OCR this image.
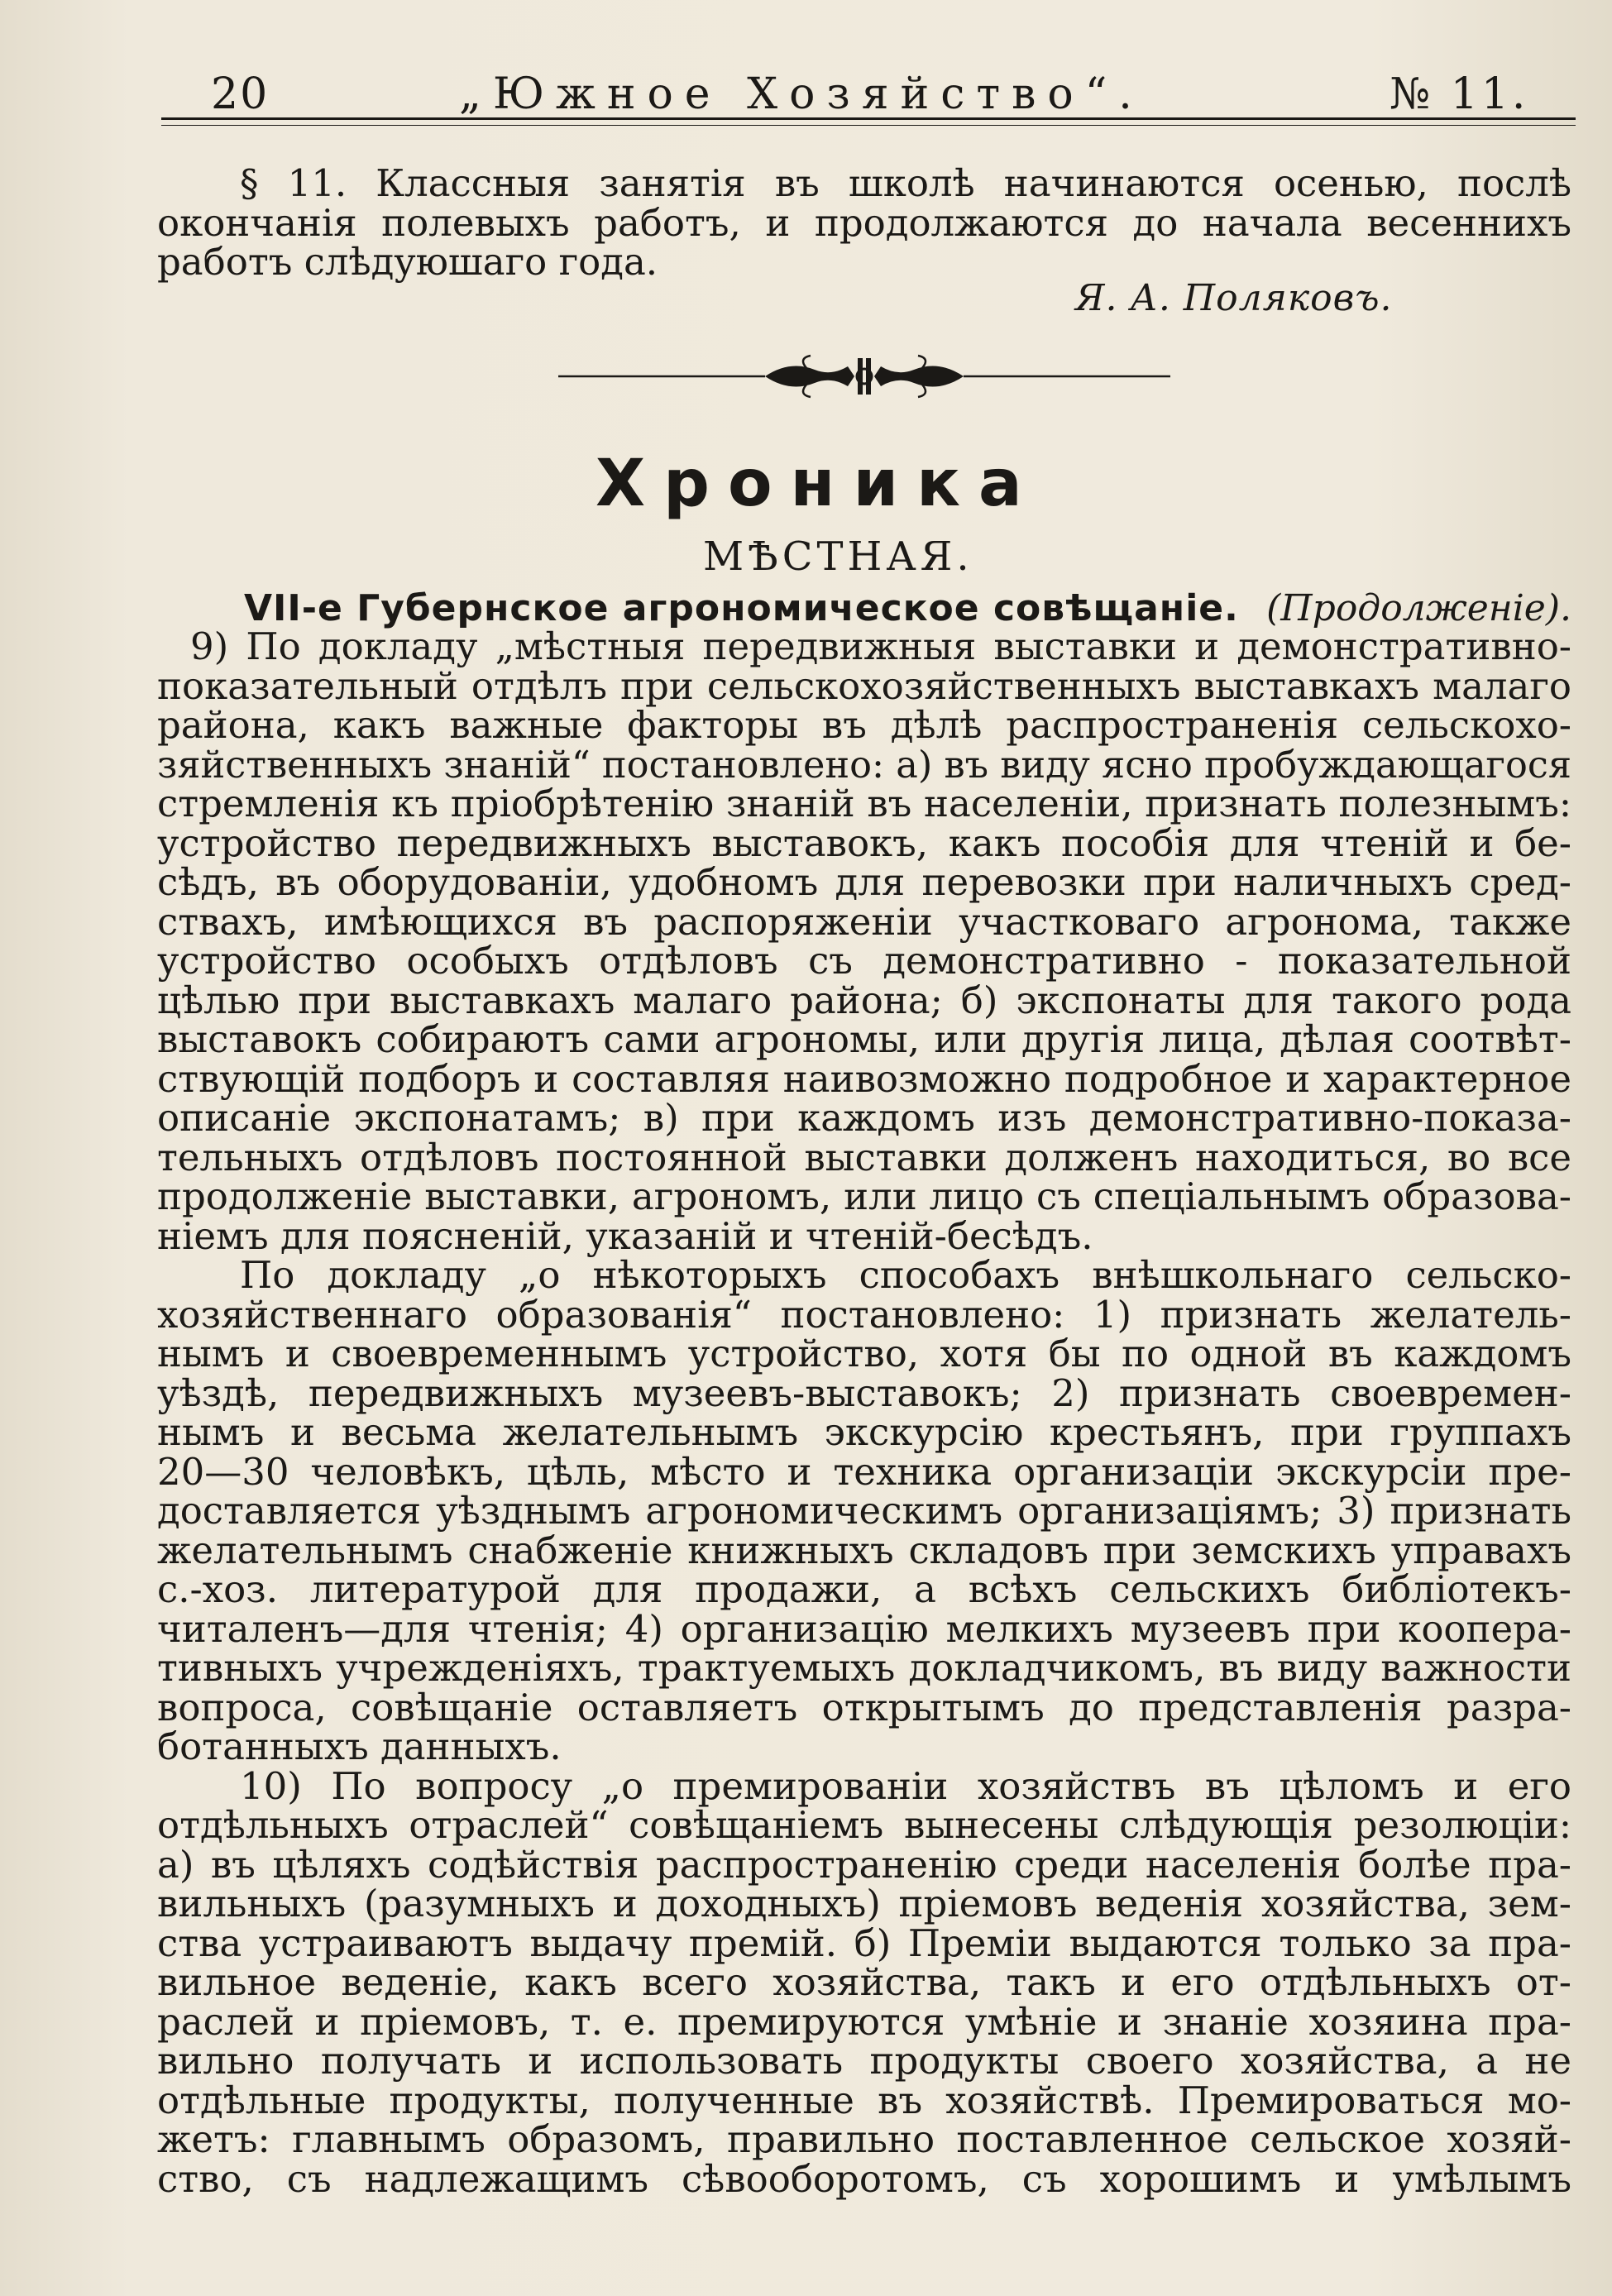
20	„Южное Хозяйство“.	№ 11.
§ 11. Классныя занятія въ школѣ начинаются осенью, послѣ
окончанія полевыхъ работъ, и продолжаются до начала весеннихъ
работъ слѣдуюшаго года.
Я. А. Поляковъ.
Хроника
МѢСТНАЯ.
VII-е Губернское агрономическое совѣщаніе. (Продолженіе).
9) По докладу „мѣстныя передвижныя выставки и демонстративно-
показательный отдѣлъ при сельскохозяйственныхъ выставкахъ малаго
района, какъ важные факторы въ дѣлѣ распространенія сельскохо-
зяйственныхъ знаній“ постановлено: а) въ виду ясно пробуждающагося
стремленія къ пріобрѣтенію знаній въ населеніи, признать полезнымъ:
устройство передвижныхъ выставокъ, какъ пособія для чтеній и бе-
сѣдъ, въ оборудованіи, удобномъ для перевозки при наличныхъ сред-
ствахъ, имѣющихся въ распоряженіи участковаго агронома, также
устройство особыхъ отдѣловъ съ демонстративно - показательной
цѣлью при выставкахъ малаго района; б) экспонаты для такого рода
выставокъ собираютъ сами агрономы, или другія лица, дѣлая соотвѣт-
ствующій подборъ и составляя наивозможно подробное и характерное
описаніе экспонатамъ; в) при каждомъ изъ демонстративно-показа-
тельныхъ отдѣловъ постоянной выставки долженъ находиться, во все
продолженіе выставки, агрономъ, или лицо съ спеціальнымъ образова-
ніемъ для поясненій, указаній и чтеній-бесѣдъ.
По докладу „о нѣкоторыхъ способахъ внѣшкольнаго сельско-
хозяйственнаго образованія“ постановлено: 1) признать желатель-
нымъ и своевременнымъ устройство, хотя бы по одной въ каждомъ
уѣздѣ, передвижныхъ музеевъ-выставокъ; 2) признать своевремен-
нымъ и весьма желательнымъ экскурсію крестьянъ, при группахъ
20—30 человѣкъ, цѣль, мѣсто и техника организаціи экскурсіи пре-
доставляется уѣзднымъ агрономическимъ организаціямъ; 3) признать
желательнымъ снабженіе книжныхъ складовъ при земскихъ управахъ
с.-хоз. литературой для продажи, а всѣхъ сельскихъ библіотекъ-
читаленъ—для чтенія; 4) организацію мелкихъ музеевъ при коопера-
тивныхъ учрежденіяхъ, трактуемыхъ докладчикомъ, въ виду важности
вопроса, совѣщаніе оставляетъ открытымъ до представленія разра-
ботанныхъ данныхъ.
10) По вопросу „о премированіи хозяйствъ въ цѣломъ и его
отдѣльныхъ отраслей“ совѣщаніемъ вынесены слѣдующія резолюціи:
а) въ цѣляхъ содѣйствія распространенію среди населенія болѣе пра-
вильныхъ (разумныхъ и доходныхъ) пріемовъ веденія хозяйства, зем-
ства устраиваютъ выдачу премій. б) Преміи выдаются только за пра-
вильное веденіе, какъ всего хозяйства, такъ и его отдѣльныхъ от-
раслей и пріемовъ, т. е. премируются умѣніе и знаніе хозяина пра-
вильно получать и использовать продукты своего хозяйства, а не
отдѣльные продукты, полученные въ хозяйствѣ. Премироваться мо-
жетъ: главнымъ образомъ, правильно поставленное сельское хозяй-
ство, съ надлежащимъ сѣвооборотомъ, съ хорошимъ и умѣлымъ
